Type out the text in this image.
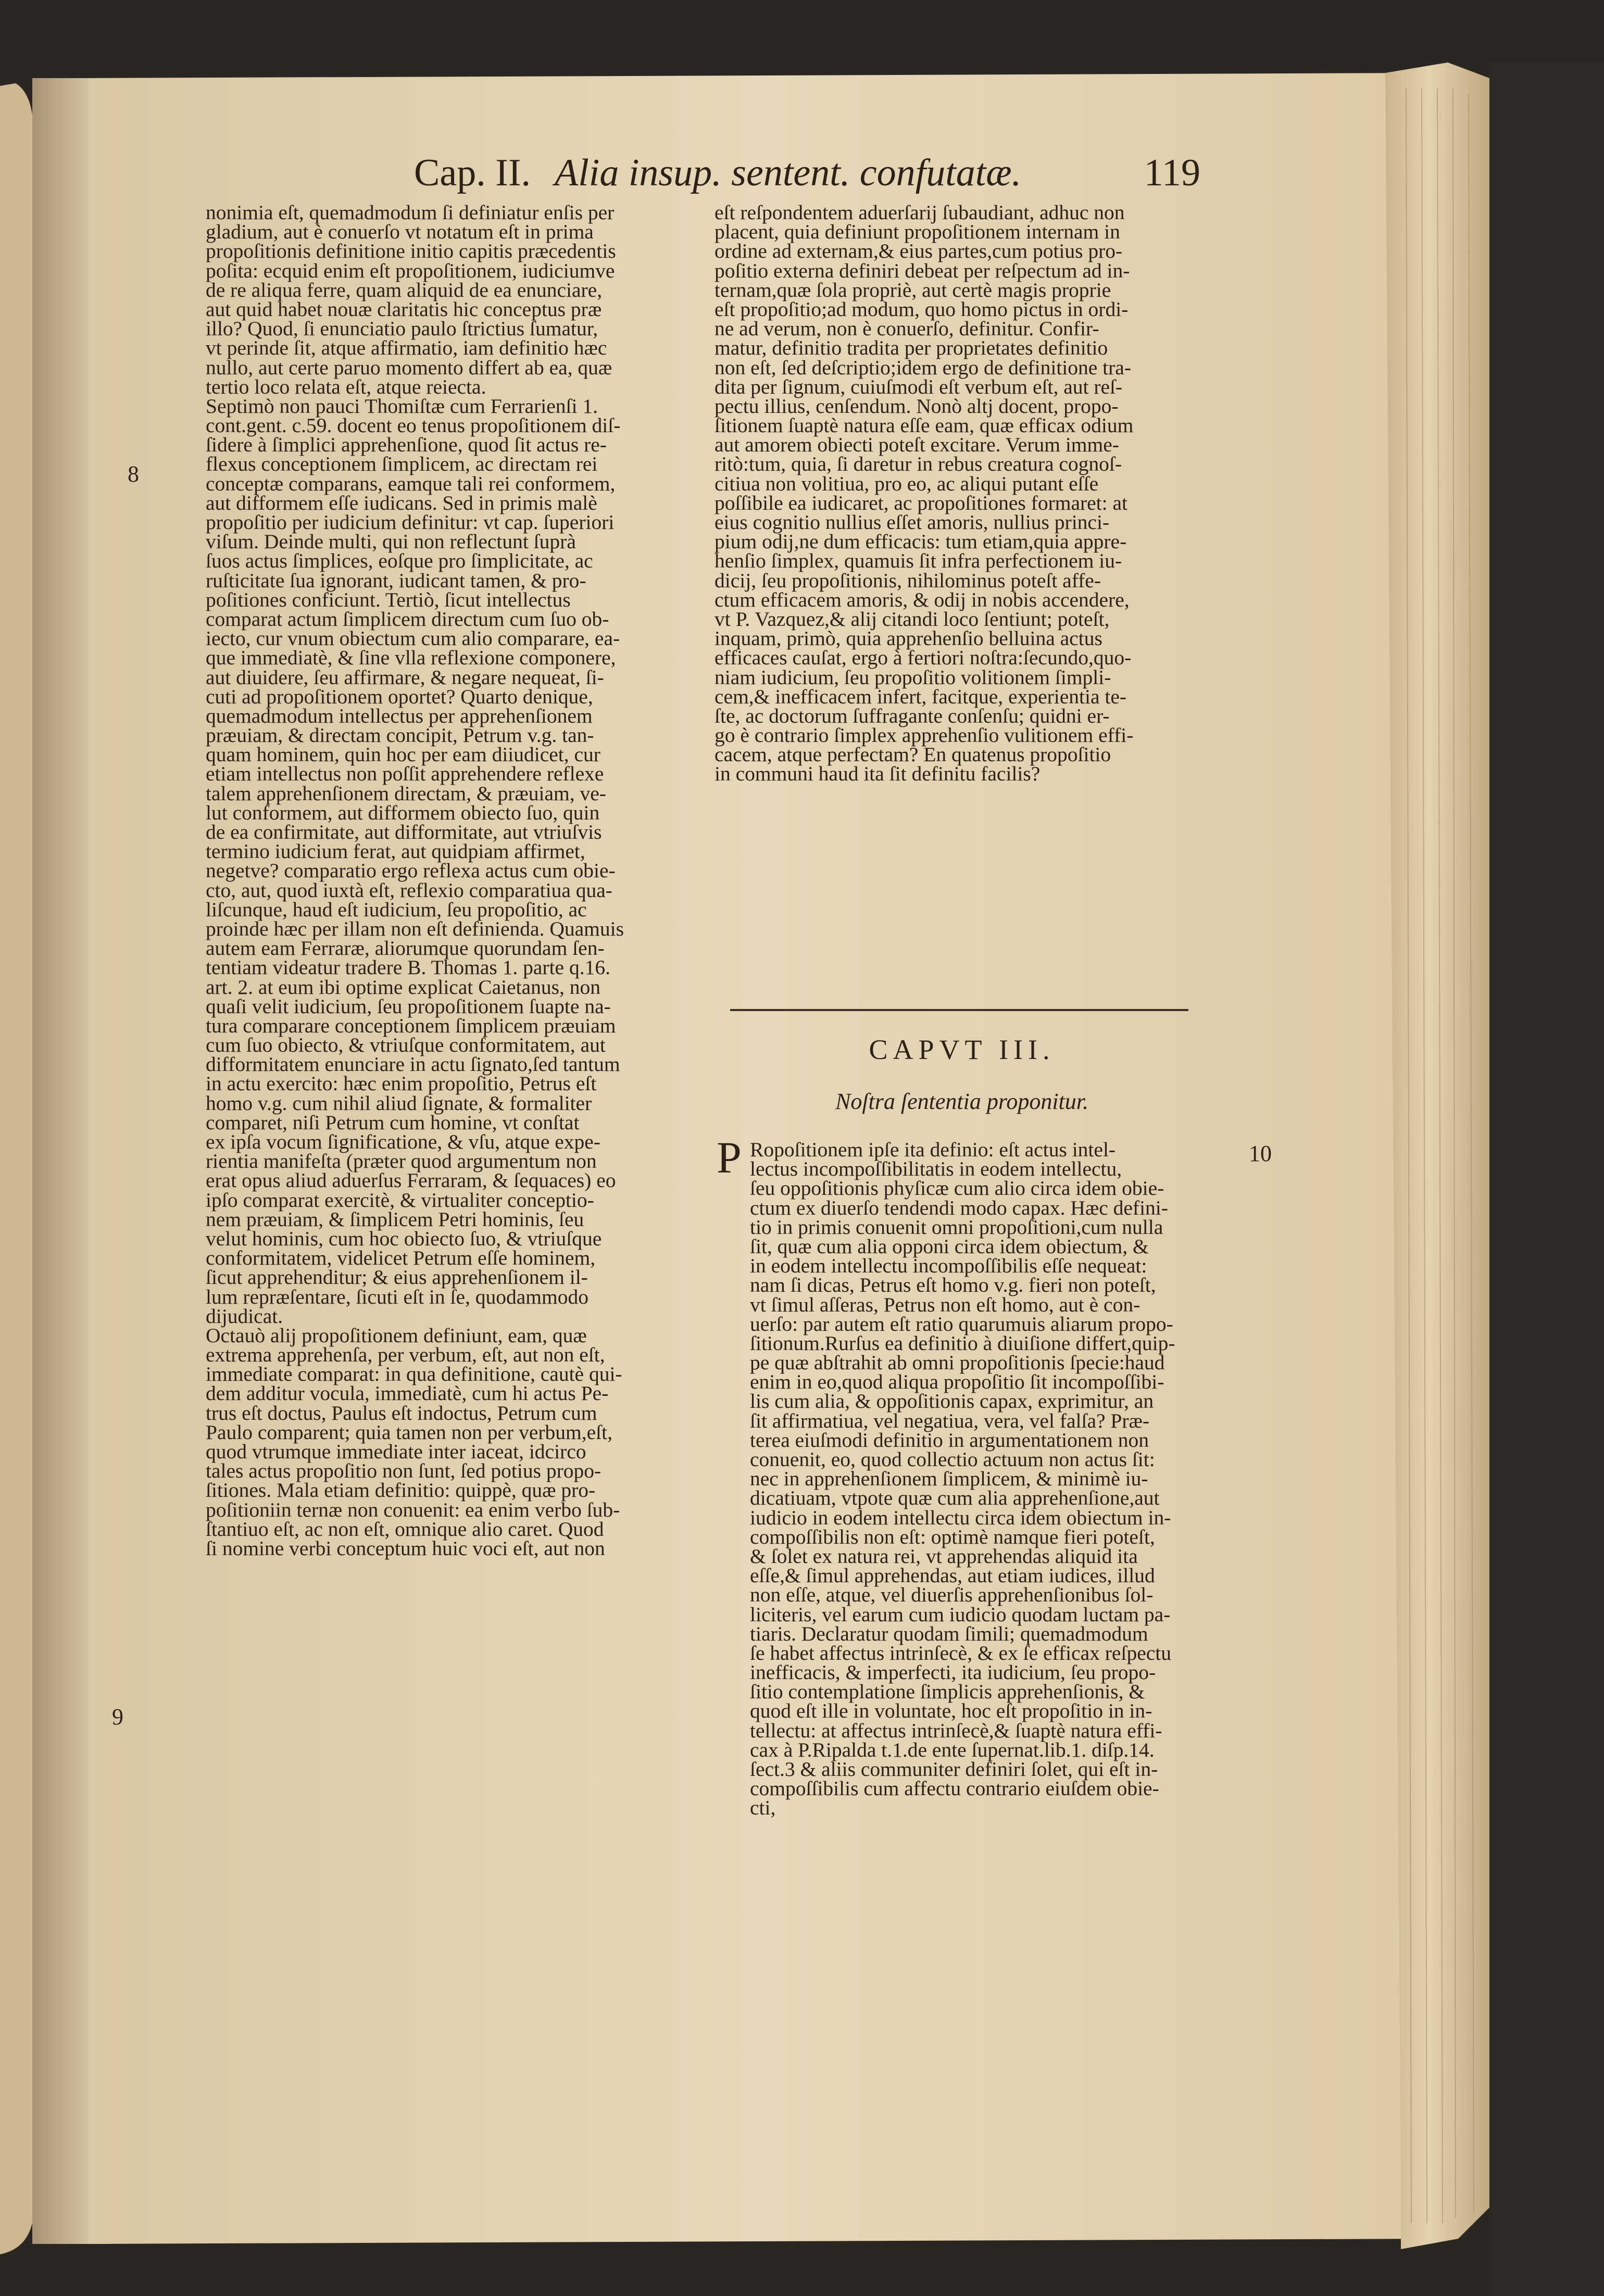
Cap. II. Alia insup. sentent. confutatæ.	119
8
9
10
nonimia eſt, quemadmodum ſi definiatur enſis per
gladium, aut è conuerſo vt notatum eſt in prima
propoſitionis definitione initio capitis præcedentis
poſita: ecquid enim eſt propoſitionem, iudiciumve
de re aliqua ferre, quam aliquid de ea enunciare,
aut quid habet nouæ claritatis hic conceptus præ
illo? Quod, ſi enunciatio paulo ſtrictius ſumatur,
vt perinde ſit, atque affirmatio, iam definitio hæc
nullo, aut certe paruo momento differt ab ea, quæ
tertio loco relata eſt, atque reiecta.
Septimò non pauci Thomiſtæ cum Ferrarienſi 1.
cont.gent. c.59. docent eo tenus propoſitionem diſ-
ſidere à ſimplici apprehenſione, quod ſit actus re-
flexus conceptionem ſimplicem, ac directam rei
conceptæ comparans, eamque tali rei conformem,
aut difformem eſſe iudicans. Sed in primis malè
propoſitio per iudicium definitur: vt cap. ſuperiori
viſum. Deinde multi, qui non reflectunt ſuprà
ſuos actus ſimplices, eoſque pro ſimplicitate, ac
ruſticitate ſua ignorant, iudicant tamen, & pro-
poſitiones conficiunt. Tertiò, ſicut intellectus
comparat actum ſimplicem directum cum ſuo ob-
iecto, cur vnum obiectum cum alio comparare, ea-
que immediatè, & ſine vlla reflexione componere,
aut diuidere, ſeu affirmare, & negare nequeat, ſi-
cuti ad propoſitionem oportet? Quarto denique,
quemadmodum intellectus per apprehenſionem
præuiam, & directam concipit, Petrum v.g. tan-
quam hominem, quin hoc per eam diiudicet, cur
etiam intellectus non poſſit apprehendere reflexe
talem apprehenſionem directam, & præuiam, ve-
lut conformem, aut difformem obiecto ſuo, quin
de ea confirmitate, aut difformitate, aut vtriuſvis
termino iudicium ferat, aut quidpiam affirmet,
negetve? comparatio ergo reflexa actus cum obie-
cto, aut, quod iuxtà eſt, reflexio comparatiua qua-
liſcunque, haud eſt iudicium, ſeu propoſitio, ac
proinde hæc per illam non eſt definienda. Quamuis
autem eam Ferraræ, aliorumque quorundam ſen-
tentiam videatur tradere B. Thomas 1. parte q.16.
art. 2. at eum ibi optime explicat Caietanus, non
quaſi velit iudicium, ſeu propoſitionem ſuapte na-
tura comparare conceptionem ſimplicem præuiam
cum ſuo obiecto, & vtriuſque conformitatem, aut
difformitatem enunciare in actu ſignato,ſed tantum
in actu exercito: hæc enim propoſitio, Petrus eſt
homo v.g. cum nihil aliud ſignate, & formaliter
comparet, niſi Petrum cum homine, vt conſtat
ex ipſa vocum ſignificatione, & vſu, atque expe-
rientia manifeſta (præter quod argumentum non
erat opus aliud aduerſus Ferraram, & ſequaces) eo
ipſo comparat exercitè, & virtualiter conceptio-
nem præuiam, & ſimplicem Petri hominis, ſeu
velut hominis, cum hoc obiecto ſuo, & vtriuſque
conformitatem, videlicet Petrum eſſe hominem,
ſicut apprehenditur; & eius apprehenſionem il-
lum repræſentare, ſicuti eſt in ſe, quodammodo
dijudicat.
Octauò alij propoſitionem definiunt, eam, quæ
extrema apprehenſa, per verbum, eſt, aut non eſt,
immediate comparat: in qua definitione, cautè qui-
dem additur vocula, immediatè, cum hi actus Pe-
trus eſt doctus, Paulus eſt indoctus, Petrum cum
Paulo comparent; quia tamen non per verbum,eſt,
quod vtrumque immediate inter iaceat, idcirco
tales actus propoſitio non ſunt, ſed potius propo-
ſitiones. Mala etiam definitio: quippè, quæ pro-
poſitioniin ternæ non conuenit: ea enim verbo ſub-
ſtantiuo eſt, ac non eſt, omnique alio caret. Quod
ſi nomine verbi conceptum huic voci eſt, aut non
eſt reſpondentem aduerſarij ſubaudiant, adhuc non
placent, quia definiunt propoſitionem internam in
ordine ad externam,& eius partes,cum potius pro-
poſitio externa definiri debeat per reſpectum ad in-
ternam,quæ ſola propriè, aut certè magis proprie
eſt propoſitio;ad modum, quo homo pictus in ordi-
ne ad verum, non è conuerſo, definitur. Confir-
matur, definitio tradita per proprietates definitio
non eſt, ſed deſcriptio;idem ergo de definitione tra-
dita per ſignum, cuiuſmodi eſt verbum eſt, aut reſ-
pectu illius, cenſendum. Nonò altj docent, propo-
ſitionem ſuaptè natura eſſe eam, quæ efficax odium
aut amorem obiecti poteſt excitare. Verum imme-
ritò:tum, quia, ſi daretur in rebus creatura cognoſ-
citiua non volitiua, pro eo, ac aliqui putant eſſe
poſſibile ea iudicaret, ac propoſitiones formaret: at
eius cognitio nullius eſſet amoris, nullius princi-
pium odij,ne dum efficacis: tum etiam,quia appre-
henſio ſimplex, quamuis ſit infra perfectionem iu-
dicij, ſeu propoſitionis, nihilominus poteſt affe-
ctum efficacem amoris, & odij in nobis accendere,
vt P. Vazquez,& alij citandi loco ſentiunt; poteſt,
inquam, primò, quia apprehenſio belluina actus
efficaces cauſat, ergo à fertiori noſtra:ſecundo,quo-
niam iudicium, ſeu propoſitio volitionem ſimpli-
cem,& inefficacem infert, facitque, experientia te-
ſte, ac doctorum ſuffragante conſenſu; quidni er-
go è contrario ſimplex apprehenſio vulitionem effi-
cacem, atque perfectam? En quatenus propoſitio
in communi haud ita ſit definitu facilis?
CAPVT III.
Noſtra ſententia proponitur.
P Ropoſitionem ipſe ita definio: eſt actus intel-
lectus incompoſſibilitatis in eodem intellectu,
ſeu oppoſitionis phyſicæ cum alio circa idem obie-
ctum ex diuerſo tendendi modo capax. Hæc defini-
tio in primis conuenit omni propoſitioni,cum nulla
ſit, quæ cum alia opponi circa idem obiectum, &
in eodem intellectu incompoſſibilis eſſe nequeat:
nam ſi dicas, Petrus eſt homo v.g. fieri non poteſt,
vt ſimul aſſeras, Petrus non eſt homo, aut è con-
uerſo: par autem eſt ratio quarumuis aliarum propo-
ſitionum.Rurſus ea definitio à diuiſione differt,quip-
pe quæ abſtrahit ab omni propoſitionis ſpecie:haud
enim in eo,quod aliqua propoſitio ſit incompoſſibi-
lis cum alia, & oppoſitionis capax, exprimitur, an
ſit affirmatiua, vel negatiua, vera, vel falſa? Præ-
terea eiuſmodi definitio in argumentationem non
conuenit, eo, quod collectio actuum non actus ſit:
nec in apprehenſionem ſimplicem, & minimè iu-
dicatiuam, vtpote quæ cum alia apprehenſione,aut
iudicio in eodem intellectu circa idem obiectum in-
compoſſibilis non eſt: optimè namque fieri poteſt,
& ſolet ex natura rei, vt apprehendas aliquid ita
eſſe,& ſimul apprehendas, aut etiam iudices, illud
non eſſe, atque, vel diuerſis apprehenſionibus ſol-
liciteris, vel earum cum iudicio quodam luctam pa-
tiaris. Declaratur quodam ſimili; quemadmodum
ſe habet affectus intrinſecè, & ex ſe efficax reſpectu
inefficacis, & imperfecti, ita iudicium, ſeu propo-
ſitio contemplatione ſimplicis apprehenſionis, &
quod eſt ille in voluntate, hoc eſt propoſitio in in-
tellectu: at affectus intrinſecè,& ſuaptè natura effi-
cax à P.Ripalda t.1.de ente ſupernat.lib.1. diſp.14.
ſect.3 & aliis communiter definiri ſolet, qui eſt in-
compoſſibilis cum affectu contrario eiuſdem obie-
cti,
